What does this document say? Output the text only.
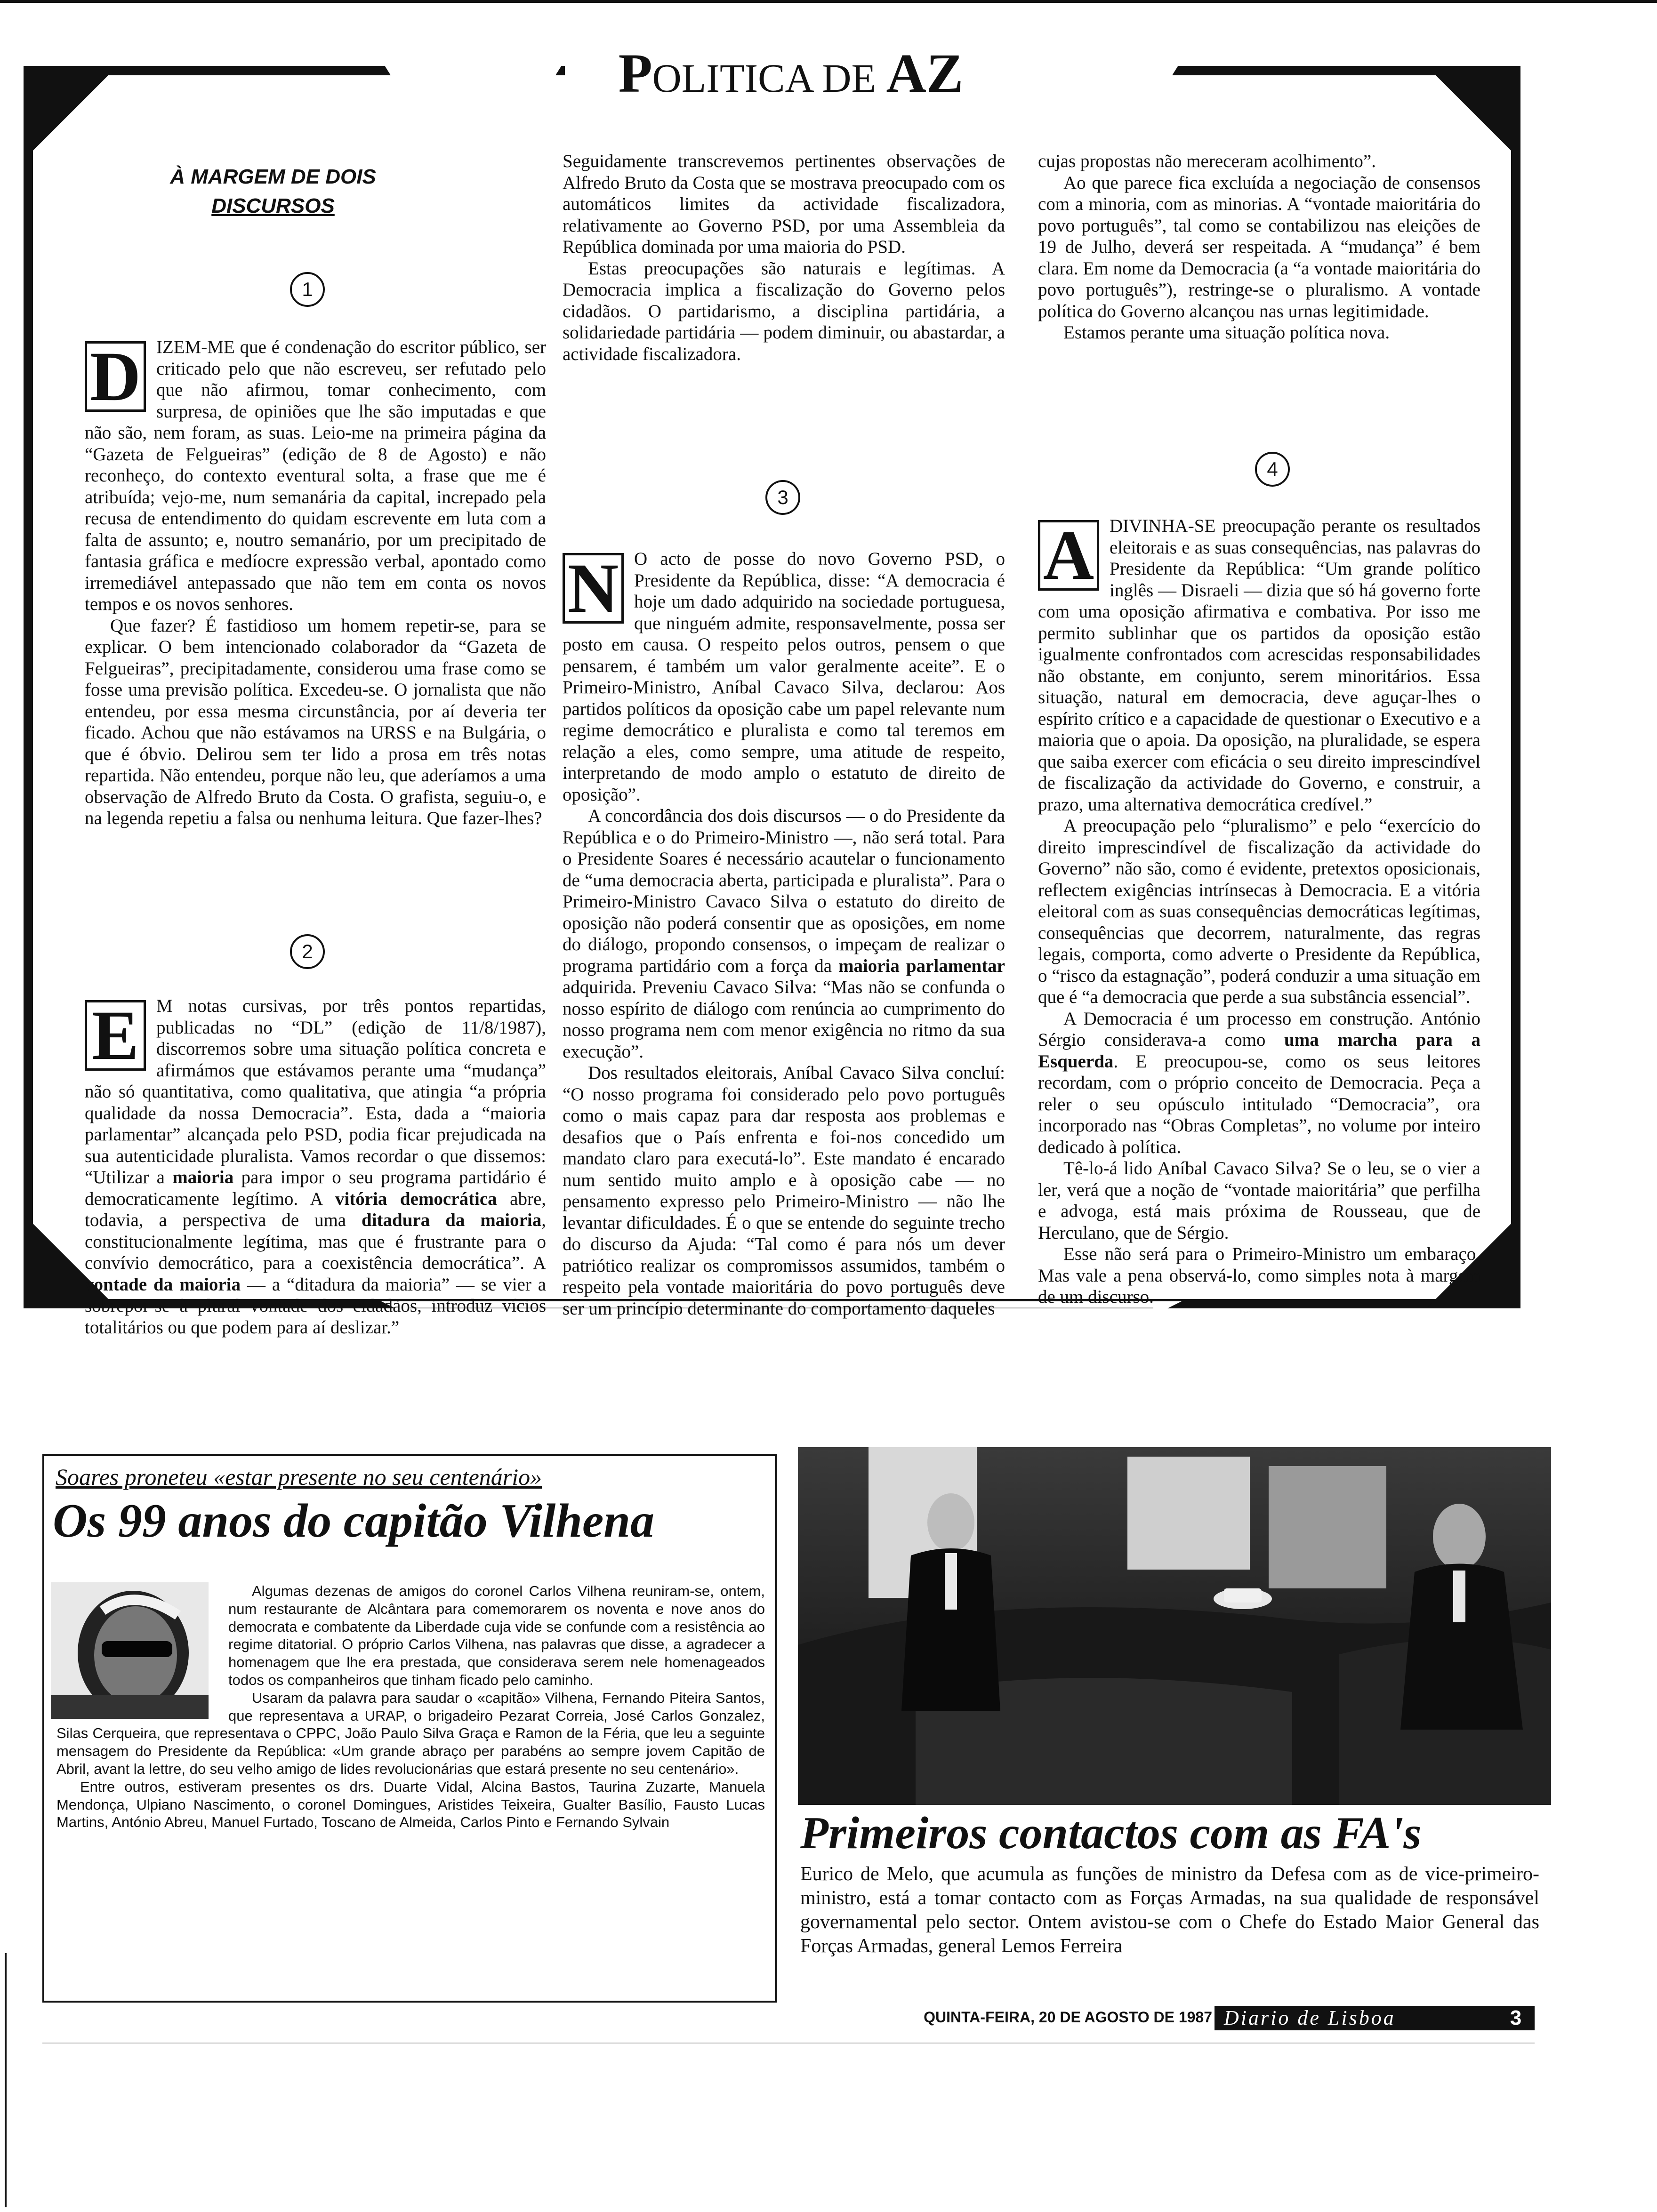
POLITICA DE AZ
À MARGEM DE DOIS
DISCURSOS
1
D IZEM-ME que é condenação do escritor público, ser criticado pelo que não escreveu, ser refutado pelo que não afirmou, tomar conhecimento, com surpresa, de opiniões que lhe são imputadas e que não são, nem foram, as suas. Leio-me na primeira página da “Gazeta de Felgueiras” (edição de 8 de Agosto) e não reconheço, do contexto eventural solta, a frase que me é atribuída; vejo-me, num semanária da capital, increpado pela recusa de entendimento do quidam escrevente em luta com a falta de assunto; e, noutro semanário, por um precipitado de fantasia gráfica e medíocre expressão verbal, apontado como irremediável antepassado que não tem em conta os novos tempos e os novos senhores.

Que fazer? É fastidioso um homem repetir-se, para se explicar. O bem intencionado colaborador da “Gazeta de Felgueiras”, precipitadamente, considerou uma frase como se fosse uma previsão política. Excedeu-se. O jornalista que não entendeu, por essa mesma circunstância, por aí deveria ter ficado. Achou que não estávamos na URSS e na Bulgária, o que é óbvio. Delirou sem ter lido a prosa em três notas repartida. Não entendeu, porque não leu, que aderíamos a uma observação de Alfredo Bruto da Costa. O grafista, seguiu-o, e na legenda repetiu a falsa ou nenhuma leitura. Que fazer-lhes?

2
E M notas cursivas, por três pontos repartidas, publicadas no “DL” (edição de 11/8/1987), discorremos sobre uma situação política concreta e afirmámos que estávamos perante uma “mudança” não só quantitativa, como qualitativa, que atingia “a própria qualidade da nossa Democracia”. Esta, dada a “maioria parlamentar” alcançada pelo PSD, podia ficar prejudicada na sua autenticidade pluralista. Vamos recordar o que dissemos: “Utilizar a maioria para impor o seu programa partidário é democraticamente legítimo. A vitória democrática abre, todavia, a perspectiva de uma ditadura da maioria, constitucionalmente legítima, mas que é frustrante para o convívio democrático, para a coexistência democrática”. A vontade da maioria — a “ditadura da maioria” — se vier a sobrepor-se à plural vontade dos cidadãos, introduz vícios totalitários ou que podem para aí deslizar.”

Seguidamente transcrevemos pertinentes observações de Alfredo Bruto da Costa que se mostrava preocupado com os automáticos limites da actividade fiscalizadora, relativamente ao Governo PSD, por uma Assembleia da República dominada por uma maioria do PSD.

Estas preocupações são naturais e legítimas. A Democracia implica a fiscalização do Governo pelos cidadãos. O partidarismo, a disciplina partidária, a solidariedade partidária — podem diminuir, ou abastardar, a actividade fiscalizadora.

3
N O acto de posse do novo Governo PSD, o Presidente da República, disse: “A democracia é hoje um dado adquirido na sociedade portuguesa, que ninguém admite, responsavelmente, possa ser posto em causa. O respeito pelos outros, pensem o que pensarem, é também um valor geralmente aceite”. E o Primeiro-Ministro, Aníbal Cavaco Silva, declarou: Aos partidos políticos da oposição cabe um papel relevante num regime democrático e pluralista e como tal teremos em relação a eles, como sempre, uma atitude de respeito, interpretando de modo amplo o estatuto de direito de oposição”.

A concordância dos dois discursos — o do Presidente da República e o do Primeiro-Ministro —, não será total. Para o Presidente Soares é necessário acautelar o funcionamento de “uma democracia aberta, participada e pluralista”. Para o Primeiro-Ministro Cavaco Silva o estatuto do direito de oposição não poderá consentir que as oposições, em nome do diálogo, propondo consensos, o impeçam de realizar o programa partidário com a força da maioria parlamentar adquirida. Preveniu Cavaco Silva: “Mas não se confunda o nosso espírito de diálogo com renúncia ao cumprimento do nosso programa nem com menor exigência no ritmo da sua execução”.

Dos resultados eleitorais, Aníbal Cavaco Silva concluí: “O nosso programa foi considerado pelo povo português como o mais capaz para dar resposta aos problemas e desafios que o País enfrenta e foi-nos concedido um mandato claro para executá-lo”. Este mandato é encarado num sentido muito amplo e à oposição cabe — no pensamento expresso pelo Primeiro-Ministro — não lhe levantar dificuldades. É o que se entende do seguinte trecho do discurso da Ajuda: “Tal como é para nós um dever patriótico realizar os compromissos assumidos, também o respeito pela vontade maioritária do povo português deve ser um princípio determinante do comportamento daqueles

cujas propostas não mereceram acolhimento”.

Ao que parece fica excluída a negociação de consensos com a minoria, com as minorias. A “vontade maioritária do povo português”, tal como se contabilizou nas eleições de 19 de Julho, deverá ser respeitada. A “mudança” é bem clara. Em nome da Democracia (a “a vontade maioritária do povo português”), restringe-se o pluralismo. A vontade política do Governo alcançou nas urnas legitimidade.

Estamos perante uma situação política nova.

4
A DIVINHA-SE preocupação perante os resultados eleitorais e as suas consequências, nas palavras do Presidente da República: “Um grande político inglês — Disraeli — dizia que só há governo forte com uma oposição afirmativa e combativa. Por isso me permito sublinhar que os partidos da oposição estão igualmente confrontados com acrescidas responsabilidades não obstante, em conjunto, serem minoritários. Essa situação, natural em democracia, deve aguçar-lhes o espírito crítico e a capacidade de questionar o Executivo e a maioria que o apoia. Da oposição, na pluralidade, se espera que saiba exercer com eficácia o seu direito imprescindível de fiscalização da actividade do Governo, e construir, a prazo, uma alternativa democrática credível.”

A preocupação pelo “pluralismo” e pelo “exercício do direito imprescindível de fiscalização da actividade do Governo” não são, como é evidente, pretextos oposicionais, reflectem exigências intrínsecas à Democracia. E a vitória eleitoral com as suas consequências democráticas legítimas, consequências que decorrem, naturalmente, das regras legais, comporta, como adverte o Presidente da República, o “risco da estagnação”, poderá conduzir a uma situação em que é “a democracia que perde a sua substância essencial”.

A Democracia é um processo em construção. António Sérgio considerava-a como uma marcha para a Esquerda. E preocupou-se, como os seus leitores recordam, com o próprio conceito de Democracia. Peça a reler o seu opúsculo intitulado “Democracia”, ora incorporado nas “Obras Completas”, no volume por inteiro dedicado à política.

Tê-lo-á lido Aníbal Cavaco Silva? Se o leu, se o vier a ler, verá que a noção de “vontade maioritária” que perfilha e advoga, está mais próxima de Rousseau, que de Herculano, que de Sérgio.

Esse não será para o Primeiro-Ministro um embaraço. Mas vale a pena observá-lo, como simples nota à margem de um discurso.

Soares proneteu «estar presente no seu centenário»
Os 99 anos do capitão Vilhena

Algumas dezenas de amigos do coronel Carlos Vilhena reuniram-se, ontem, num restaurante de Alcântara para comemorarem os noventa e nove anos do democrata e combatente da Liberdade cuja vide se confunde com a resistência ao regime ditatorial. O próprio Carlos Vilhena, nas palavras que disse, a agradecer a homenagem que lhe era prestada, que considerava serem nele homenageados todos os companheiros que tinham ficado pelo caminho.

Usaram da palavra para saudar o «capitão» Vilhena, Fernando Piteira Santos, que representava a URAP, o brigadeiro Pezarat Correia, José Carlos Gonzalez, Silas Cerqueira, que representava o CPPC, João Paulo Silva Graça e Ramon de la Féria, que leu a seguinte mensagem do Presidente da República: «Um grande abraço per parabéns ao sempre jovem Capitão de Abril, avant la lettre, do seu velho amigo de lides revolucionárias que estará presente no seu centenário».

Entre outros, estiveram presentes os drs. Duarte Vidal, Alcina Bastos, Taurina Zuzarte, Manuela Mendonça, Ulpiano Nascimento, o coronel Domingues, Aristides Teixeira, Gualter Basílio, Fausto Lucas Martins, António Abreu, Manuel Furtado, Toscano de Almeida, Carlos Pinto e Fernando Sylvain	Primeiros contactos com as FA's
Eurico de Melo, que acumula as funções de ministro da Defesa com as de vice-primeiro-ministro, está a tomar contacto com as Forças Armadas, na sua qualidade de responsável governamental pelo sector. Ontem avistou-se com o Chefe do Estado Maior General das Forças Armadas, general Lemos Ferreira
QUINTA-FEIRA, 20 DE AGOSTO DE 1987 Diario de Lisboa	3
